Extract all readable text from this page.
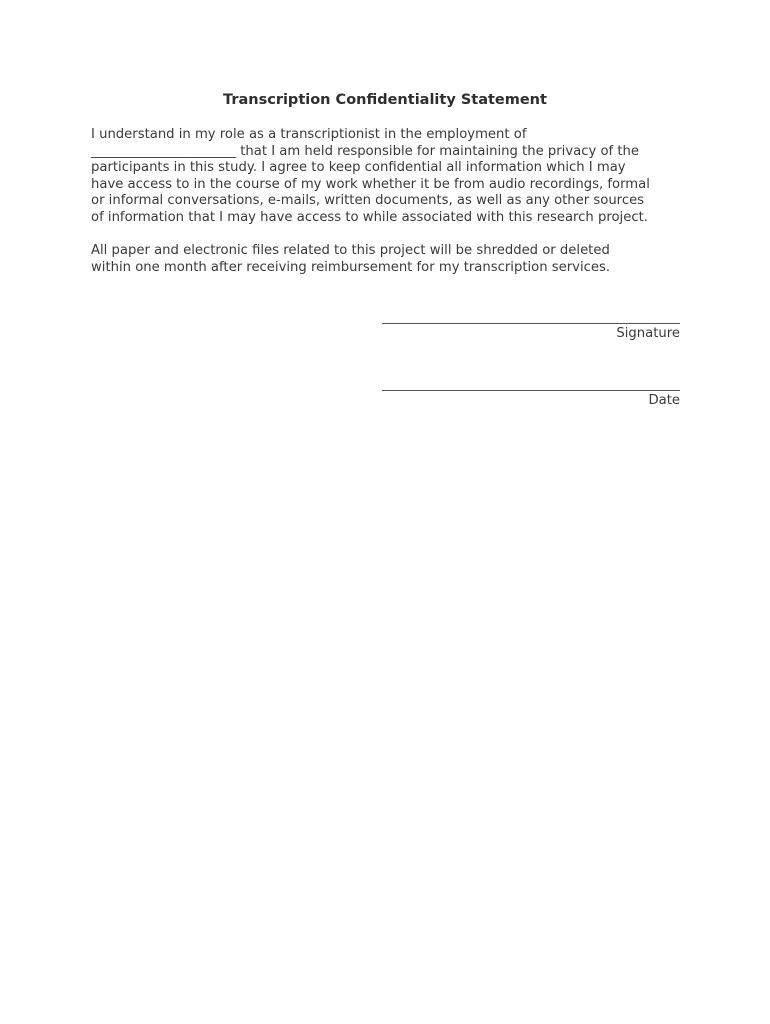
Transcription Confidentiality Statement
I understand in my role as a transcriptionist in the employment of
______________________ that I am held responsible for maintaining the privacy of the
participants in this study. I agree to keep confidential all information which I may
have access to in the course of my work whether it be from audio recordings, formal
or informal conversations, e-mails, written documents, as well as any other sources
of information that I may have access to while associated with this research project.
All paper and electronic files related to this project will be shredded or deleted
within one month after receiving reimbursement for my transcription services.
Signature
Date
